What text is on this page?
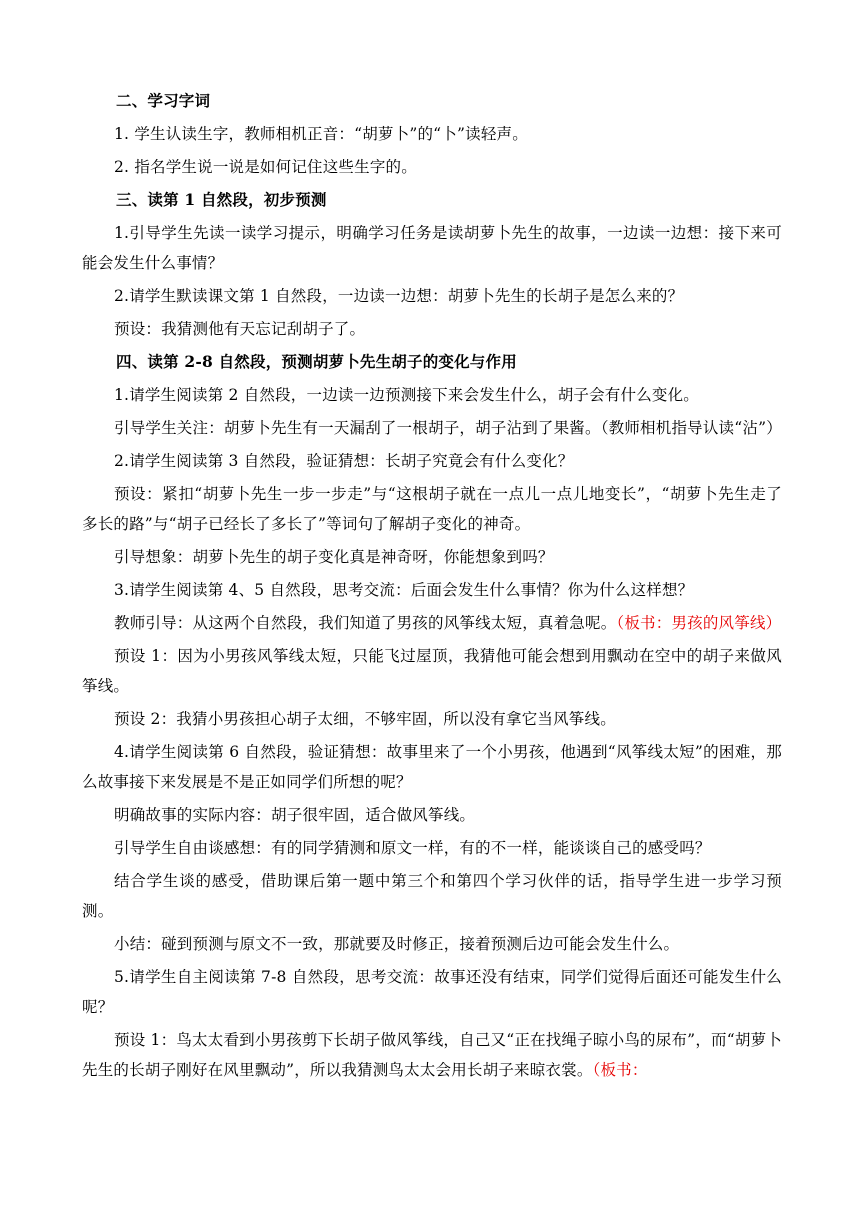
二、学习字词

1. 学生认读生字，教师相机正音：“胡萝卜”的“卜”读轻声。

2. 指名学生说一说是如何记住这些生字的。

三、读第 1 自然段，初步预测

1.引导学生先读一读学习提示，明确学习任务是读胡萝卜先生的故事，一边读一边想：接下来可能会发生什么事情？

2.请学生默读课文第 1 自然段，一边读一边想：胡萝卜先生的长胡子是怎么来的？

预设：我猜测他有天忘记刮胡子了。

四、读第 2-8 自然段，预测胡萝卜先生胡子的变化与作用

1.请学生阅读第 2 自然段，一边读一边预测接下来会发生什么，胡子会有什么变化。

引导学生关注：胡萝卜先生有一天漏刮了一根胡子，胡子沾到了果酱。（教师相机指导认读“沾”）

2.请学生阅读第 3 自然段，验证猜想：长胡子究竟会有什么变化？

预设：紧扣“胡萝卜先生一步一步走”与“这根胡子就在一点儿一点儿地变长”，“胡萝卜先生走了多长的路”与“胡子已经长了多长了”等词句了解胡子变化的神奇。

引导想象：胡萝卜先生的胡子变化真是神奇呀，你能想象到吗？

3.请学生阅读第 4、5 自然段，思考交流：后面会发生什么事情？你为什么这样想？

教师引导：从这两个自然段，我们知道了男孩的风筝线太短，真着急呢。（板书：男孩的风筝线）

预设 1：因为小男孩风筝线太短，只能飞过屋顶，我猜他可能会想到用飘动在空中的胡子来做风筝线。

预设 2：我猜小男孩担心胡子太细，不够牢固，所以没有拿它当风筝线。

4.请学生阅读第 6 自然段，验证猜想：故事里来了一个小男孩，他遇到“风筝线太短”的困难，那么故事接下来发展是不是正如同学们所想的呢？

明确故事的实际内容：胡子很牢固，适合做风筝线。

引导学生自由谈感想：有的同学猜测和原文一样，有的不一样，能谈谈自己的感受吗？

结合学生谈的感受，借助课后第一题中第三个和第四个学习伙伴的话，指导学生进一步学习预测。

小结：碰到预测与原文不一致，那就要及时修正，接着预测后边可能会发生什么。

5.请学生自主阅读第 7-8 自然段，思考交流：故事还没有结束，同学们觉得后面还可能发生什么呢？

预设 1：鸟太太看到小男孩剪下长胡子做风筝线，自己又“正在找绳子晾小鸟的尿布”，而“胡萝卜先生的长胡子刚好在风里飘动”，所以我猜测鸟太太会用长胡子来晾衣裳。（板书：
